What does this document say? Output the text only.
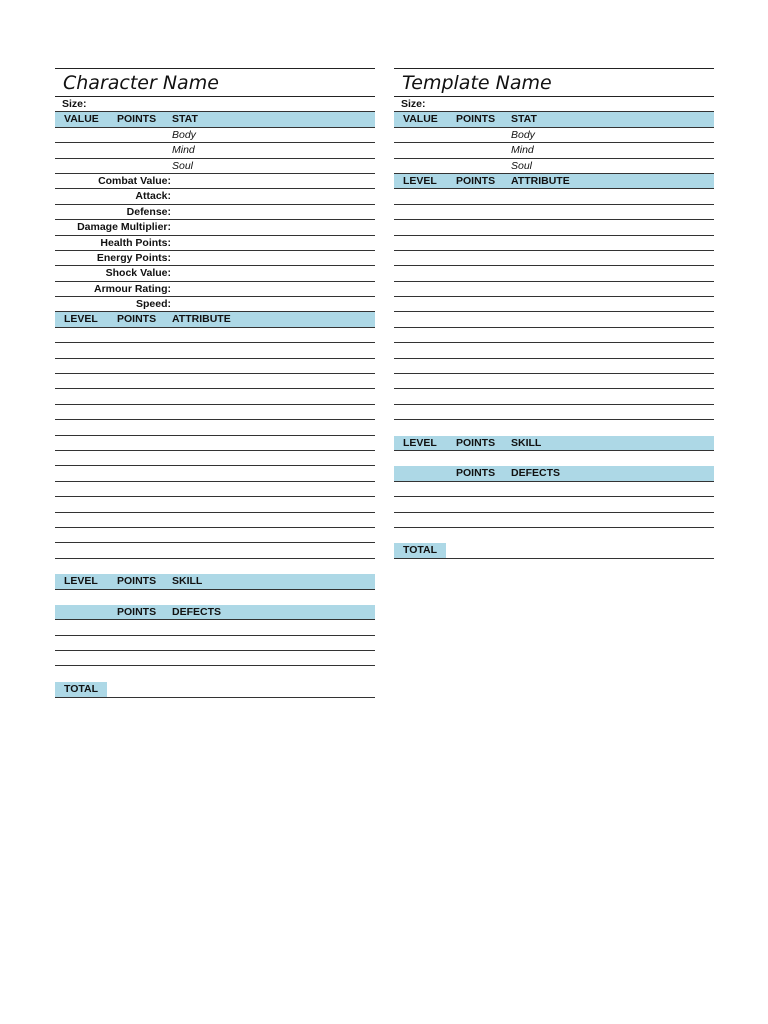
Character Name
Size:
VALUE POINTS STAT
Body
Mind
Soul
Combat Value:
Attack:
Defense:
Damage Multiplier:
Health Points:
Energy Points:
Shock Value:
Armour Rating:
Speed:
LEVEL POINTS ATTRIBUTE
LEVEL POINTS SKILL
POINTS DEFECTS
TOTAL
Template Name
Size:
VALUE POINTS STAT
Body
Mind
Soul
LEVEL POINTS ATTRIBUTE
LEVEL POINTS SKILL
POINTS DEFECTS
TOTAL
